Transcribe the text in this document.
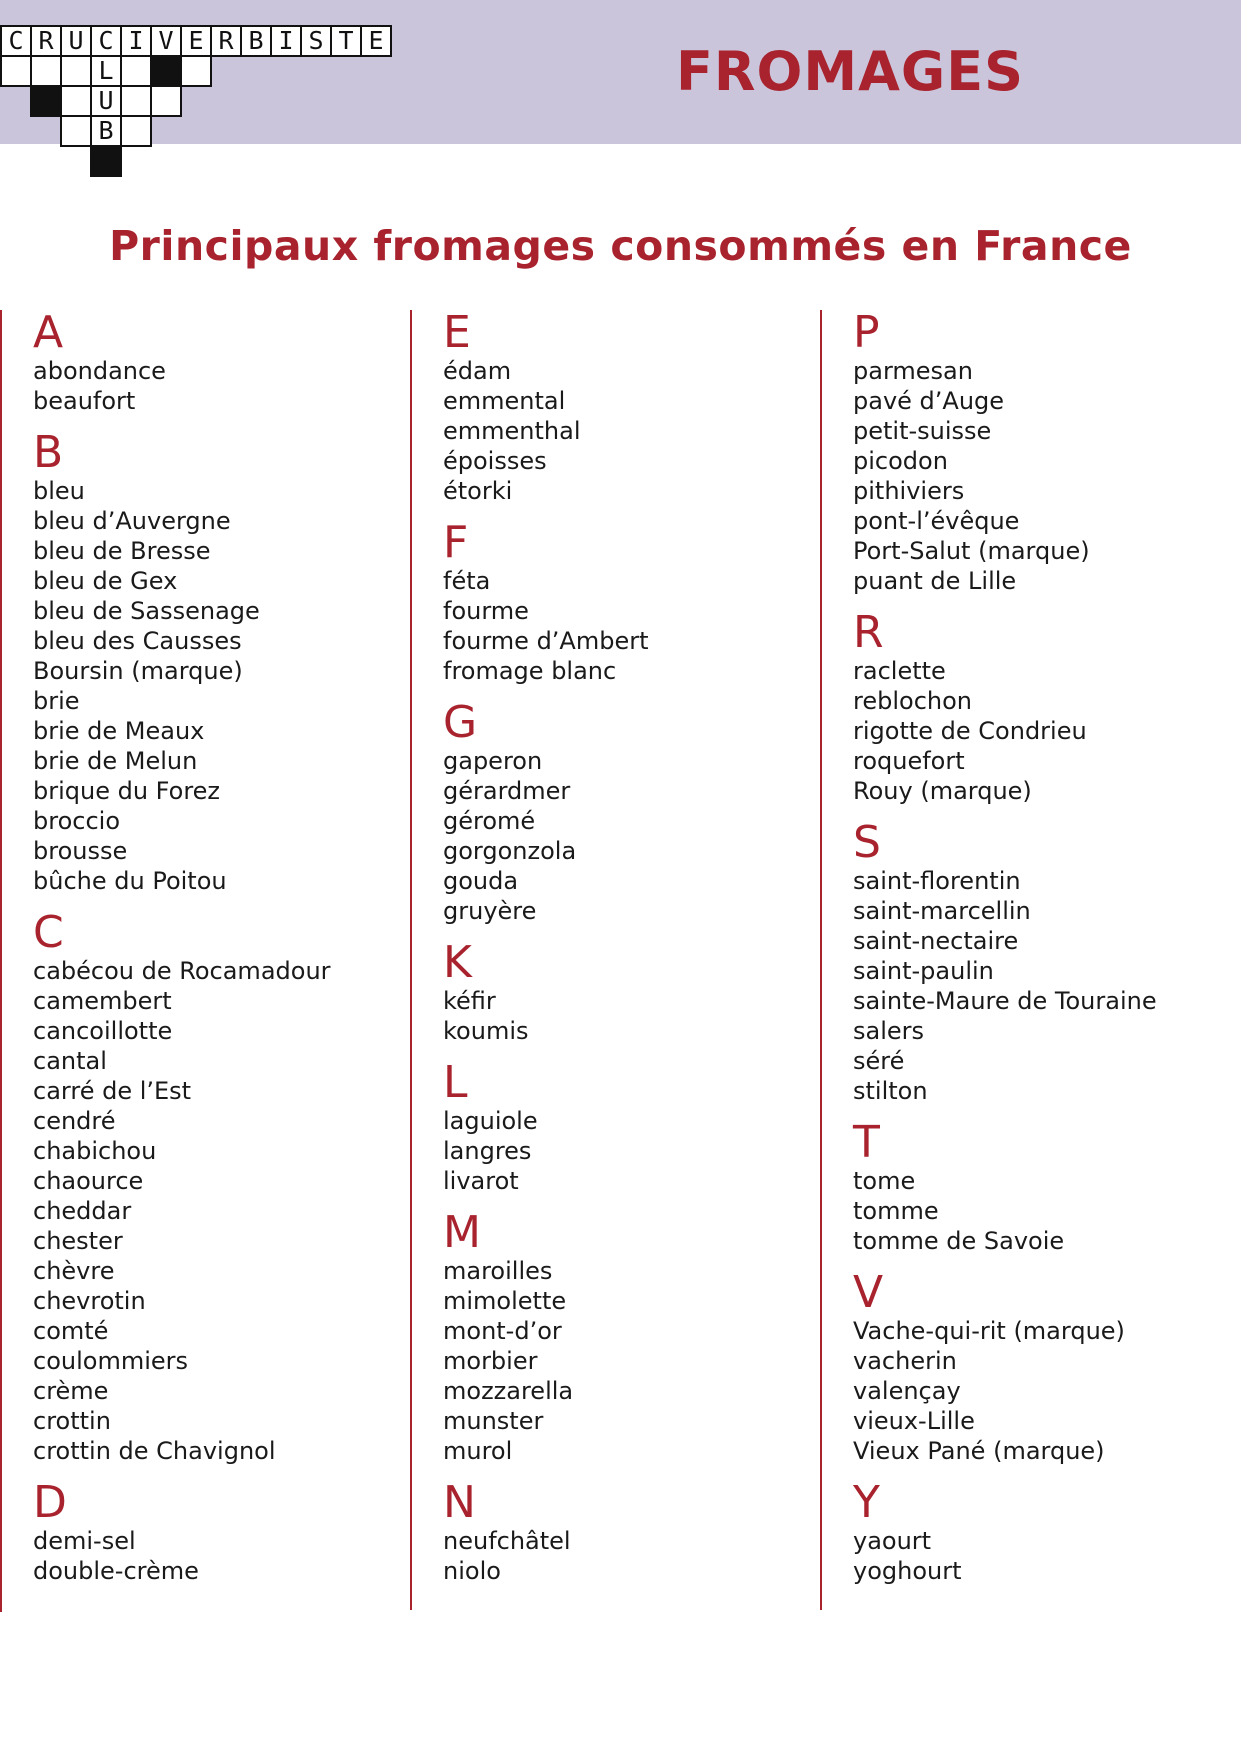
C R U C I V E R B I S T E
L
U
B
FROMAGES
Principaux fromages consommés en France
A
abondance
beaufort
B
bleu
bleu d’Auvergne
bleu de Bresse
bleu de Gex
bleu de Sassenage
bleu des Causses
Boursin (marque)
brie
brie de Meaux
brie de Melun
brique du Forez
broccio
brousse
bûche du Poitou
C
cabécou de Rocamadour
camembert
cancoillotte
cantal
carré de l’Est
cendré
chabichou
chaource
cheddar
chester
chèvre
chevrotin
comté
coulommiers
crème
crottin
crottin de Chavignol
D
demi-sel
double-crème
E
édam
emmental
emmenthal
époisses
étorki
F
féta
fourme
fourme d’Ambert
fromage blanc
G
gaperon
gérardmer
géromé
gorgonzola
gouda
gruyère
K
kéfir
koumis
L
laguiole
langres
livarot
M
maroilles
mimolette
mont-d’or
morbier
mozzarella
munster
murol
N
neufchâtel
niolo
P
parmesan
pavé d’Auge
petit-suisse
picodon
pithiviers
pont-l’évêque
Port-Salut (marque)
puant de Lille
R
raclette
reblochon
rigotte de Condrieu
roquefort
Rouy (marque)
S
saint-florentin
saint-marcellin
saint-nectaire
saint-paulin
sainte-Maure de Touraine
salers
séré
stilton
T
tome
tomme
tomme de Savoie
V
Vache-qui-rit (marque)
vacherin
valençay
vieux-Lille
Vieux Pané (marque)
Y
yaourt
yoghourt
